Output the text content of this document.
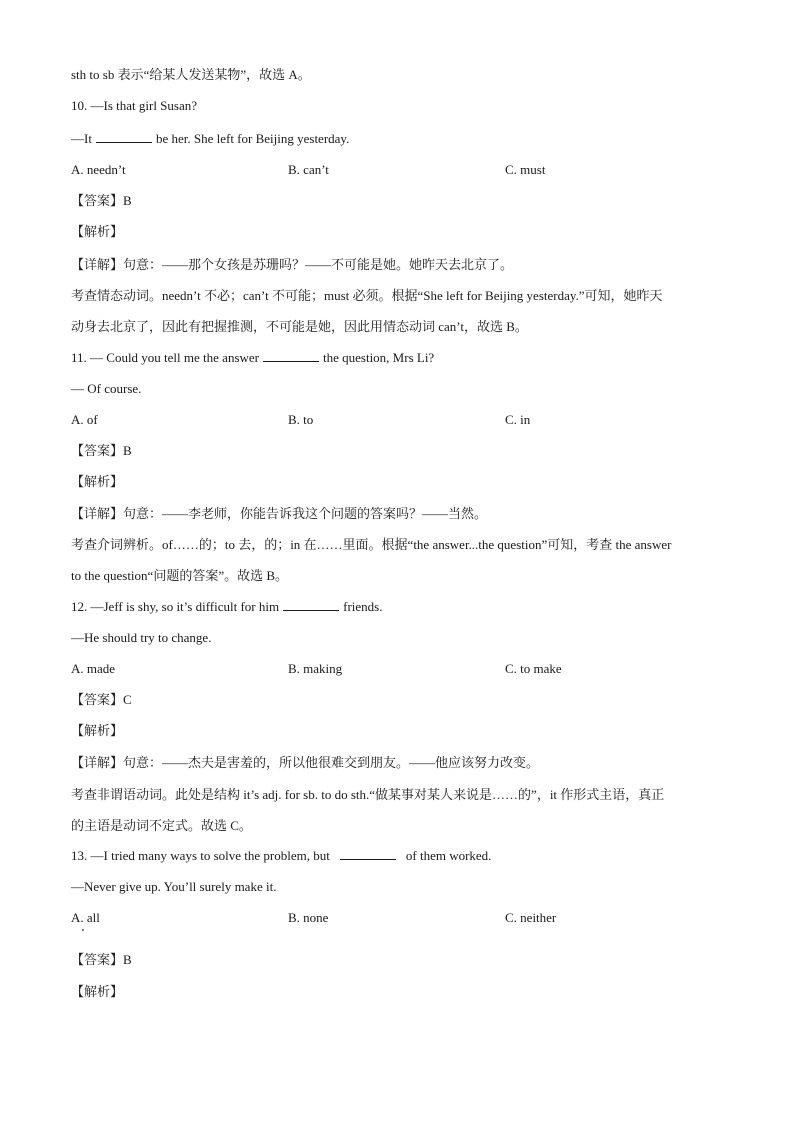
sth to sb 表示“给某人发送某物”，故选 A。
10. —Is that girl Susan?
—It	be her. She left for Beijing yesterday.
A. needn’t	B. can’t	C. must
【答案】B
【解析】
【详解】句意：——那个女孩是苏珊吗？——不可能是她。她昨天去北京了。
考查情态动词。needn’t 不必；can’t 不可能；must 必须。根据“She left for Beijing yesterday.”可知，她昨天
动身去北京了，因此有把握推测，不可能是她，因此用情态动词 can’t，故选 B。
11. — Could you tell me the answer	the question, Mrs Li?
— Of course.
A. of	B. to	C. in
【答案】B
【解析】
【详解】句意：——李老师，你能告诉我这个问题的答案吗？——当然。
考查介词辨析。of……的；to 去，的；in 在……里面。根据“the answer...the question”可知，考查 the answer
to the question“问题的答案”。故选 B。
12. —Jeff is shy, so it’s difficult for him	friends.
—He should try to change.
A. made	B. making	C. to make
【答案】C
【解析】
【详解】句意：——杰夫是害羞的，所以他很难交到朋友。——他应该努力改变。
考查非谓语动词。此处是结构 it’s adj. for sb. to do sth.“做某事对某人来说是……的”，it 作形式主语，真正
的主语是动词不定式。故选 C。
13. —I tried many ways to solve the problem, but	of them worked.
—Never give up. You’ll surely make it.
A. all	B. none	C. neither
【答案】B
【解析】
